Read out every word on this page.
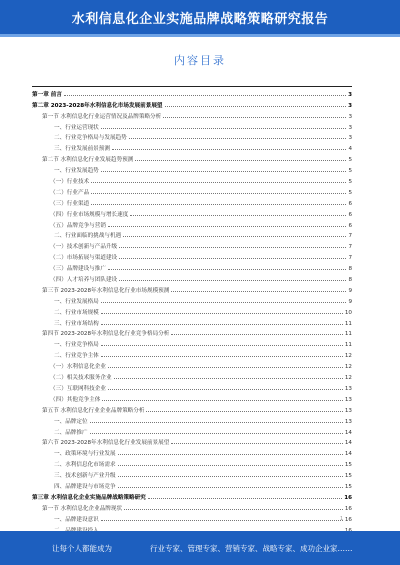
水利信息化企业实施品牌战略策略研究报告
内容目录
第一章 前言	3
第二章 2023-2028年水利信息化市场发展前景展望	3
第一节 水利信息化行业运营情况及品牌策略分析	3
一、行业运营现状	3
二、行业竞争格局与发展趋势	3
三、行业发展前景预测	4
第二节 水利信息化行业发展趋势预测	5
一、行业发展趋势	5
（一）行业技术	5
（二）行业产品	5
（三）行业渠道	6
（四）行业市场规模与增长速度	6
（五）品牌竞争与营销	6
二、行业面临的挑战与机遇	7
（一）技术创新与产品升级	7
（二）市场拓展与渠道建设	7
（三）品牌建设与推广	8
（四）人才培养与团队建设	8
第三节 2023-2028年水利信息化行业市场规模预测	9
一、行业发展格局	9
二、行业市场规模	10
三、行业市场结构	11
第四节 2023-2028年水利信息化行业竞争格局分析	11
一、行业竞争格局	11
二、行业竞争主体	12
（一）水利信息化企业	12
（二）相关技术服务企业	12
（三）互联网科技企业	13
（四）其他竞争主体	13
第五节 水利信息化行业企业品牌策略分析	13
一、品牌定位	13
二、品牌推广	14
第六节 2023-2028年水利信息化行业发展前景展望	14
一、政策环境与行业发展	14
二、水利信息化市场需求	15
三、技术创新与产业升级	15
四、品牌建设与市场竞争	15
第三章 水利信息化企业实施品牌战略策略研究	16
第一节 水利信息化企业品牌现状	16
一、品牌建设意识	16
1
让每个人都能成为	行业专家、管理专家、营销专家、战略专家、成功企业家……
